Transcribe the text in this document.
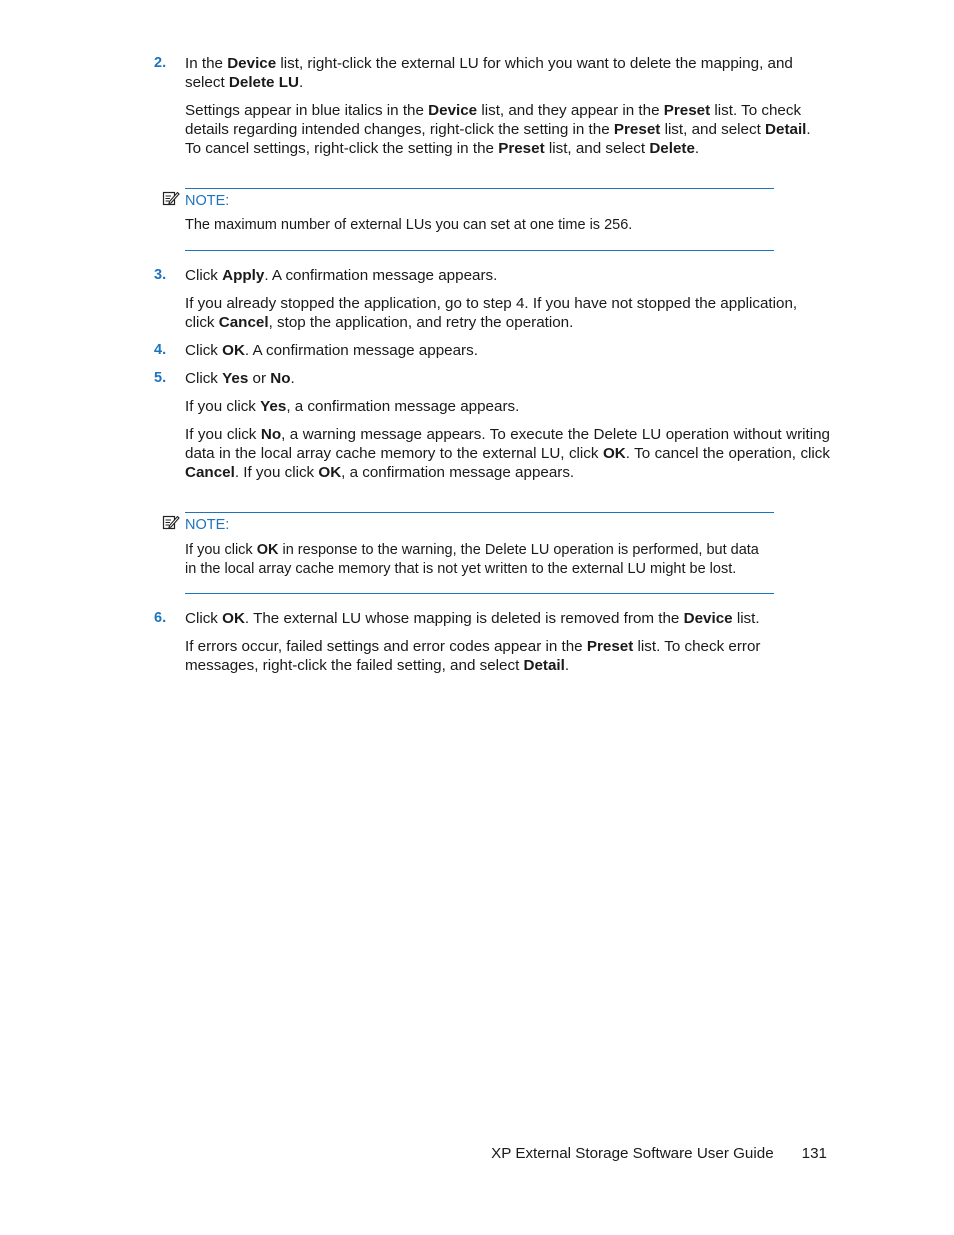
2.	In the Device list, right-click the external LU for which you want to delete the mapping, and select Delete LU.
Settings appear in blue italics in the Device list, and they appear in the Preset list. To check details regarding intended changes, right-click the setting in the Preset list, and select Detail. To cancel settings, right-click the setting in the Preset list, and select Delete.
NOTE:
The maximum number of external LUs you can set at one time is 256.
3.	Click Apply. A confirmation message appears.
If you already stopped the application, go to step 4. If you have not stopped the application, click Cancel, stop the application, and retry the operation.
4.	Click OK. A confirmation message appears.
5.	Click Yes or No.
If you click Yes, a confirmation message appears.
If you click No, a warning message appears. To execute the Delete LU operation without writing data in the local array cache memory to the external LU, click OK. To cancel the operation, click Cancel. If you click OK, a confirmation message appears.
NOTE:
If you click OK in response to the warning, the Delete LU operation is performed, but data in the local array cache memory that is not yet written to the external LU might be lost.
6.	Click OK. The external LU whose mapping is deleted is removed from the Device list.
If errors occur, failed settings and error codes appear in the Preset list. To check error messages, right-click the failed setting, and select Detail.
XP External Storage Software User Guide 131
